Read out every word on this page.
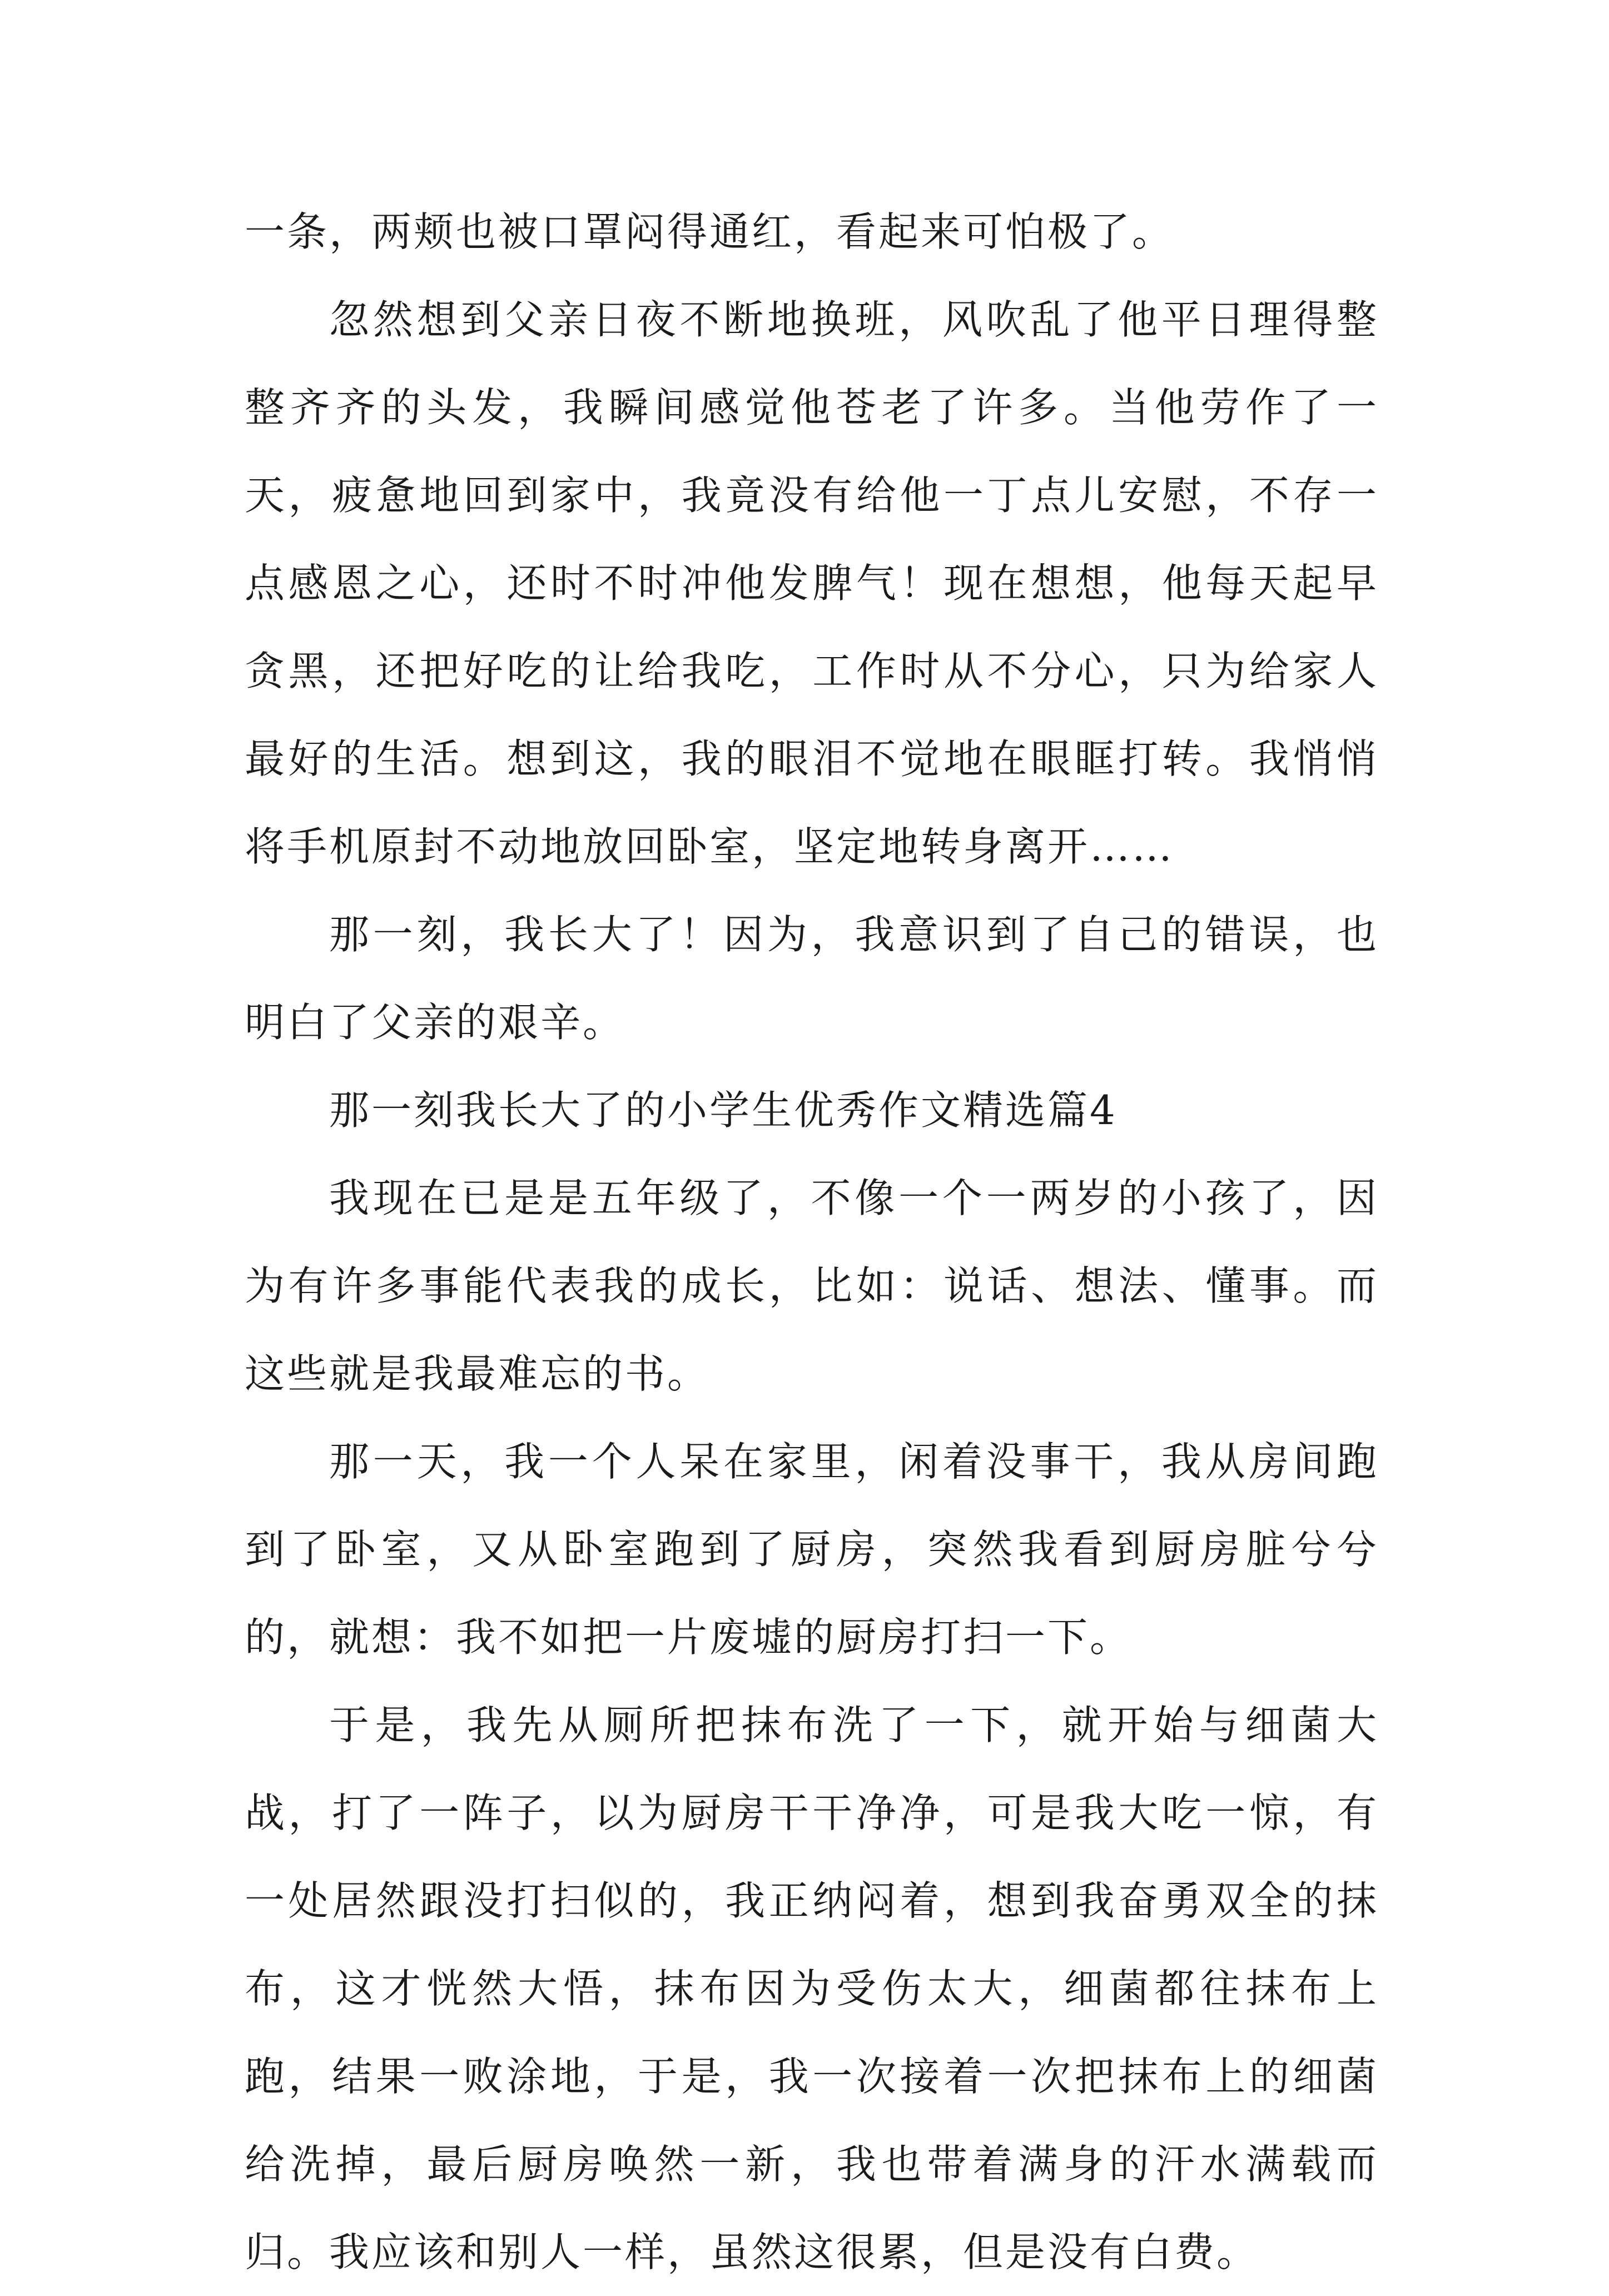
一条，两颊也被口罩闷得通红，看起来可怕极了。

忽然想到父亲日夜不断地换班，风吹乱了他平日理得整整齐齐的头发，我瞬间感觉他苍老了许多。当他劳作了一天，疲惫地回到家中，我竟没有给他一丁点儿安慰，不存一点感恩之心，还时不时冲他发脾气！现在想想，他每天起早贪黑，还把好吃的让给我吃，工作时从不分心，只为给家人最好的生活。想到这，我的眼泪不觉地在眼眶打转。我悄悄将手机原封不动地放回卧室，坚定地转身离开……

那一刻，我长大了！因为，我意识到了自己的错误，也明白了父亲的艰辛。

那一刻我长大了的小学生优秀作文精选篇4

我现在已是是五年级了，不像一个一两岁的小孩了，因为有许多事能代表我的成长，比如：说话、想法、懂事。而这些就是我最难忘的书。

那一天，我一个人呆在家里，闲着没事干，我从房间跑到了卧室，又从卧室跑到了厨房，突然我看到厨房脏兮兮的，就想：我不如把一片废墟的厨房打扫一下。

于是，我先从厕所把抹布洗了一下，就开始与细菌大战，打了一阵子，以为厨房干干净净，可是我大吃一惊，有一处居然跟没打扫似的，我正纳闷着，想到我奋勇双全的抹布，这才恍然大悟，抹布因为受伤太大，细菌都往抹布上跑，结果一败涂地，于是，我一次接着一次把抹布上的细菌给洗掉，最后厨房唤然一新，我也带着满身的汗水满载而归。我应该和别人一样，虽然这很累，但是没有白费。
